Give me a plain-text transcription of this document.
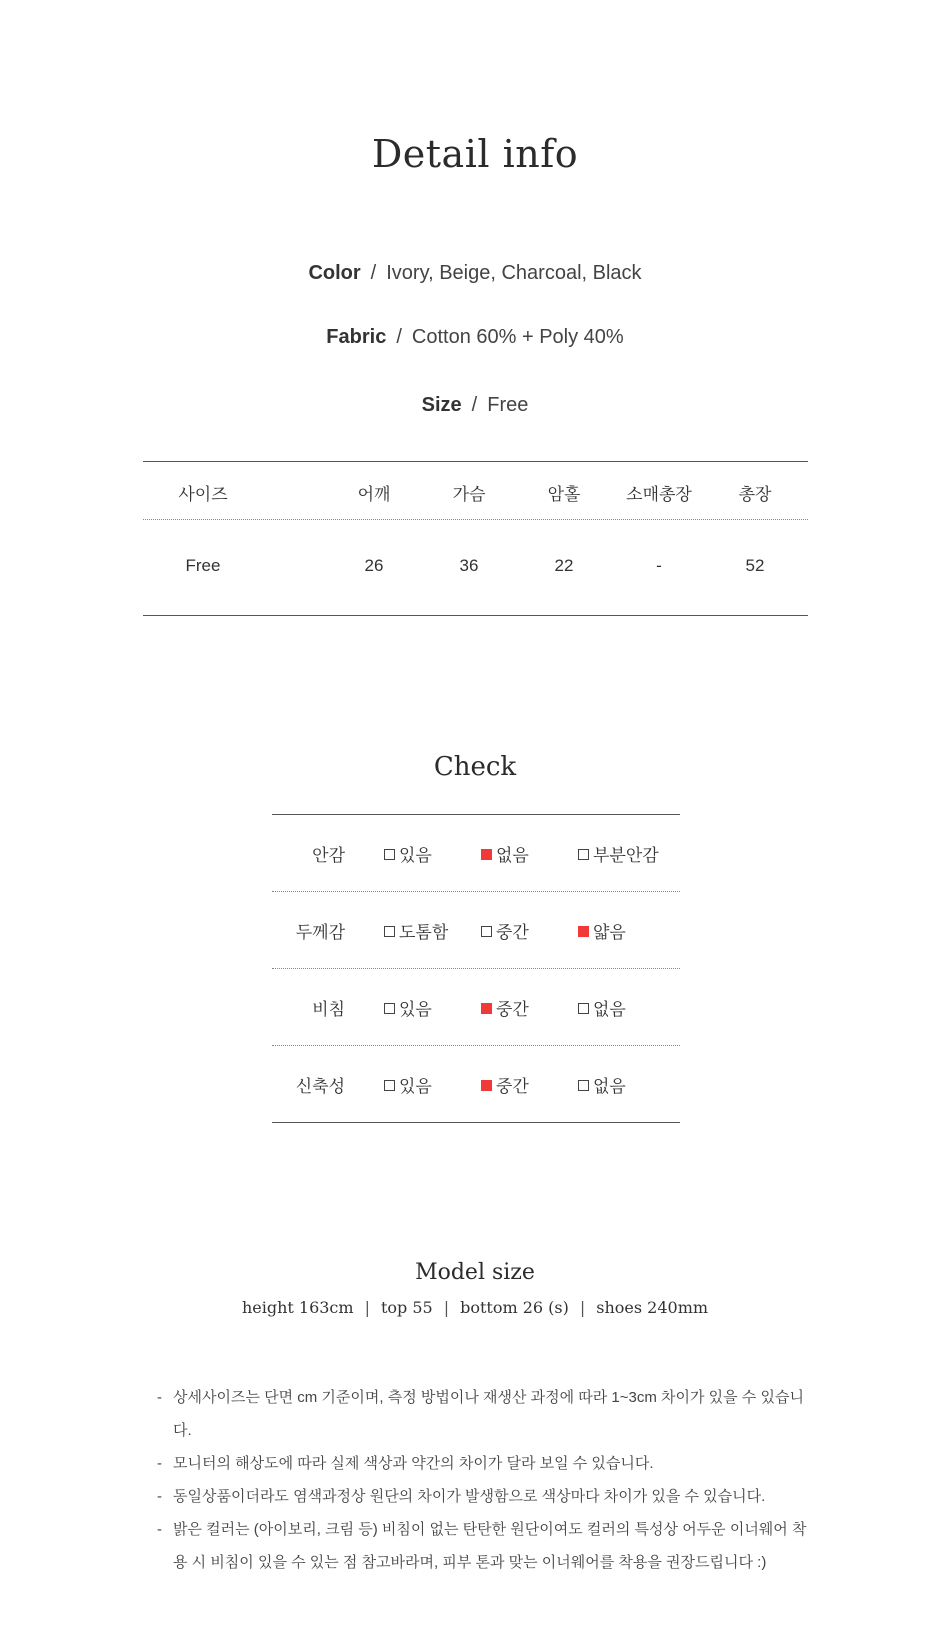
Detail info
Color / Ivory, Beige, Charcoal, Black
Fabric / Cotton 60% + Poly 40%
Size / Free
사이즈	어깨	가슴	암홀	소매총장	총장
Free	26	36	22	-	52
Check
안감	있음	없음	부분안감
두께감	도톰함	중간	얇음
비침	있음	중간	없음
신축성	있음	중간	없음
Model size
height 163cm | top 55 | bottom 26 (s) | shoes 240mm
- 상세사이즈는 단면 cm 기준이며, 측정 방법이나 재생산 과정에 따라 1~3cm 차이가 있을 수 있습니다.
- 모니터의 해상도에 따라 실제 색상과 약간의 차이가 달라 보일 수 있습니다.
- 동일상품이더라도 염색과정상 원단의 차이가 발생함으로 색상마다 차이가 있을 수 있습니다.
- 밝은 컬러는 (아이보리, 크림 등) 비침이 없는 탄탄한 원단이여도 컬러의 특성상 어두운 이너웨어 착용 시 비침이 있을 수 있는 점 참고바라며, 피부 톤과 맞는 이너웨어를 착용을 권장드립니다 :)
